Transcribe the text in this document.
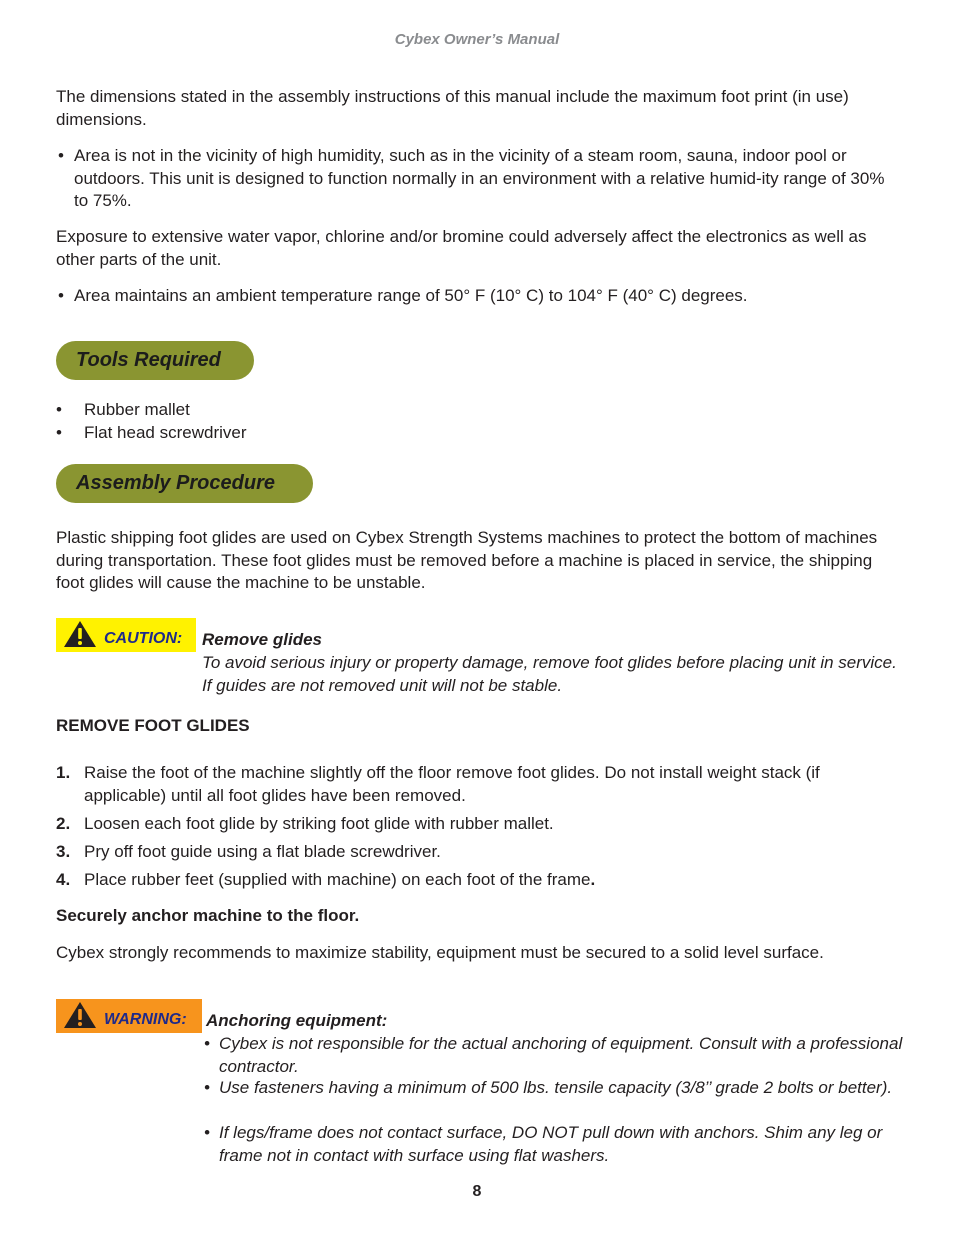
Cybex Owner’s Manual

The dimensions stated in the assembly instructions of this manual include the maximum foot print (in use) dimensions.

• Area is not in the vicinity of high humidity, such as in the vicinity of a steam room, sauna, indoor pool or outdoors. This unit is designed to function normally in an environment with a relative humid-ity range of 30% to 75%.

Exposure to extensive water vapor, chlorine and/or bromine could adversely affect the electronics as well as other parts of the unit.

• Area maintains an ambient temperature range of 50° F (10° C) to 104° F (40° C) degrees.
Tools Required
• Rubber mallet
• Flat head screwdriver
Assembly Procedure

Plastic shipping foot glides are used on Cybex Strength Systems machines to protect the bottom of machines during transportation. These foot glides must be removed before a machine is placed in service, the shipping foot glides will cause the machine to be unstable.

CAUTION: Remove glides
To avoid serious injury or property damage, remove foot glides before placing unit in service. If guides are not removed unit will not be stable.
REMOVE FOOT GLIDES
1. Raise the foot of the machine slightly off the floor remove foot glides. Do not install weight stack (if applicable) until all foot glides have been removed.
2. Loosen each foot glide by striking foot glide with rubber mallet.
3. Pry off foot guide using a flat blade screwdriver.
4. Place rubber feet (supplied with machine) on each foot of the frame.
Securely anchor machine to the floor.

Cybex strongly recommends to maximize stability, equipment must be secured to a solid level surface.

WARNING: Anchoring equipment:
• Cybex is not responsible for the actual anchoring of equipment. Consult with a professional contractor.
• Use fasteners having a minimum of 500 lbs. tensile capacity (3/8’’ grade 2 bolts or better).
• If legs/frame does not contact surface, DO NOT pull down with anchors. Shim any leg or frame not in contact with surface using flat washers.
8
